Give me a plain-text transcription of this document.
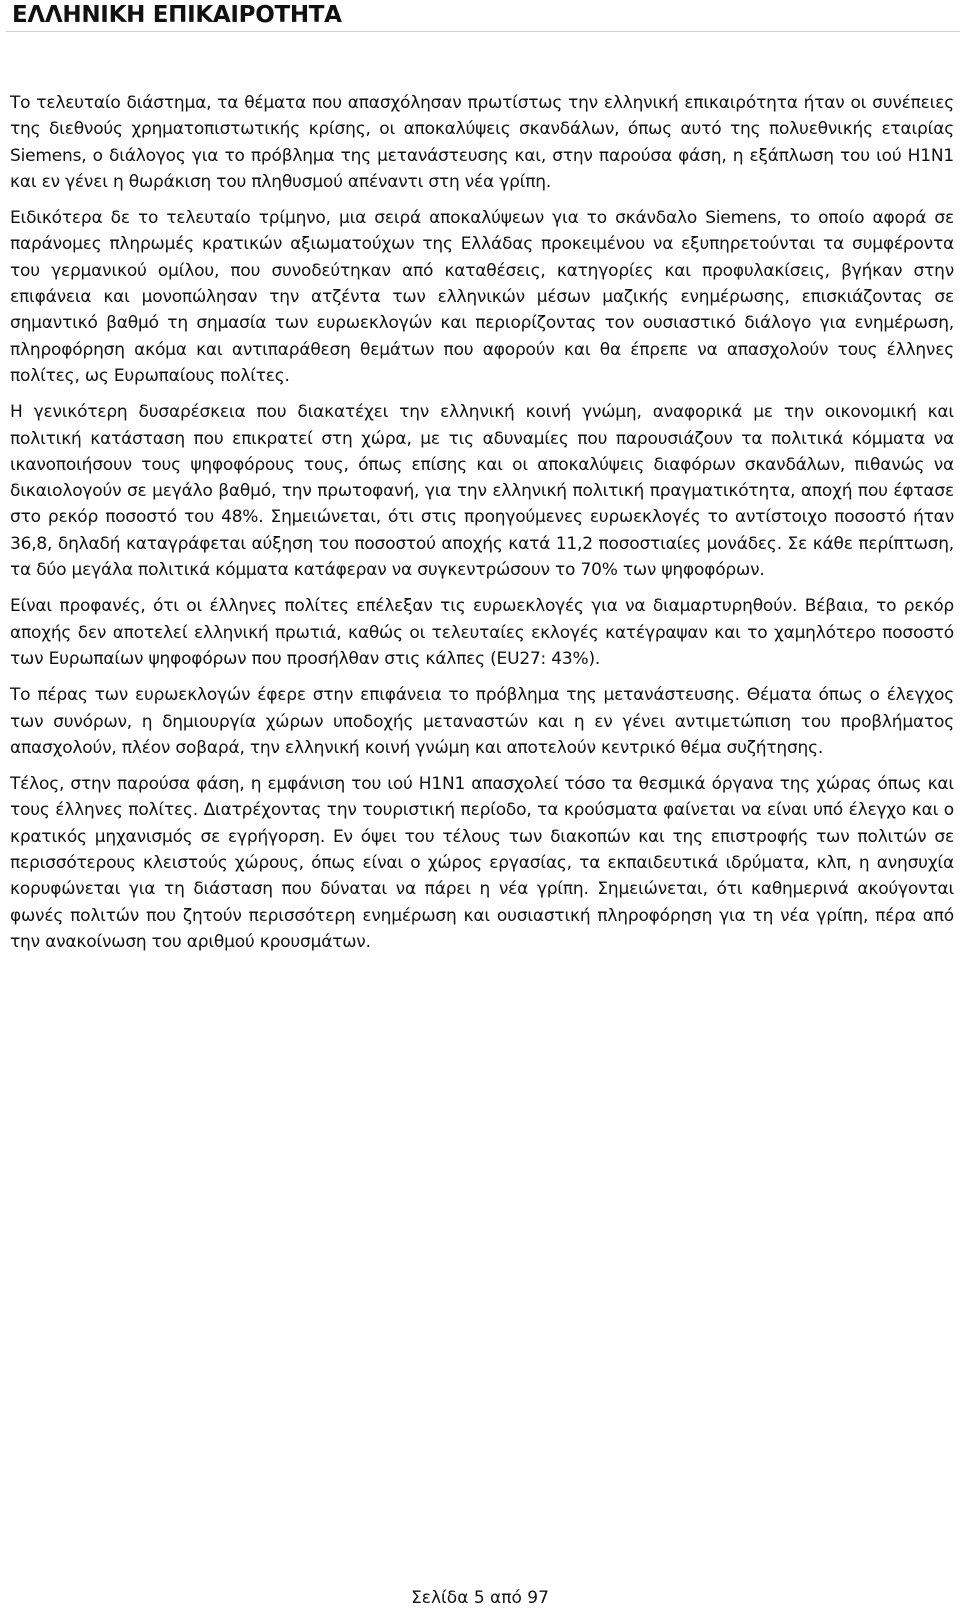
ΕΛΛΗΝΙΚΗ ΕΠΙΚΑΙΡΟΤΗΤΑ

Το τελευταίο διάστημα, τα θέματα που απασχόλησαν πρωτίστως την ελληνική επικαιρότητα ήταν οι συνέπειες της διεθνούς χρηματοπιστωτικής κρίσης, οι αποκαλύψεις σκανδάλων, όπως αυτό της πολυεθνικής εταιρίας Siemens, ο διάλογος για το πρόβλημα της μετανάστευσης και, στην παρούσα φάση, η εξάπλωση του ιού H1N1 και εν γένει η θωράκιση του πληθυσμού απέναντι στη νέα γρίπη.

Ειδικότερα δε το τελευταίο τρίμηνο, μια σειρά αποκαλύψεων για το σκάνδαλο Siemens, το οποίο αφορά σε παράνομες πληρωμές κρατικών αξιωματούχων της Ελλάδας προκειμένου να εξυπηρετούνται τα συμφέροντα του γερμανικού ομίλου, που συνοδεύτηκαν από καταθέσεις, κατηγορίες και προφυλακίσεις, βγήκαν στην επιφάνεια και μονοπώλησαν την ατζέντα των ελληνικών μέσων μαζικής ενημέρωσης, επισκιάζοντας σε σημαντικό βαθμό τη σημασία των ευρωεκλογών και περιορίζοντας τον ουσιαστικό διάλογο για ενημέρωση, πληροφόρηση ακόμα και αντιπαράθεση θεμάτων που αφορούν και θα έπρεπε να απασχολούν τους έλληνες πολίτες, ως Ευρωπαίους πολίτες.

Η γενικότερη δυσαρέσκεια που διακατέχει την ελληνική κοινή γνώμη, αναφορικά με την οικονομική και πολιτική κατάσταση που επικρατεί στη χώρα, με τις αδυναμίες που παρουσιάζουν τα πολιτικά κόμματα να ικανοποιήσουν τους ψηφοφόρους τους, όπως επίσης και οι αποκαλύψεις διαφόρων σκανδάλων, πιθανώς να δικαιολογούν σε μεγάλο βαθμό, την πρωτοφανή, για την ελληνική πολιτική πραγματικότητα, αποχή που έφτασε στο ρεκόρ ποσοστό του 48%. Σημειώνεται, ότι στις προηγούμενες ευρωεκλογές το αντίστοιχο ποσοστό ήταν 36,8, δηλαδή καταγράφεται αύξηση του ποσοστού αποχής κατά 11,2 ποσοστιαίες μονάδες. Σε κάθε περίπτωση, τα δύο μεγάλα πολιτικά κόμματα κατάφεραν να συγκεντρώσουν το 70% των ψηφοφόρων.

Είναι προφανές, ότι οι έλληνες πολίτες επέλεξαν τις ευρωεκλογές για να διαμαρτυρηθούν. Βέβαια, το ρεκόρ αποχής δεν αποτελεί ελληνική πρωτιά, καθώς οι τελευταίες εκλογές κατέγραψαν και το χαμηλότερο ποσοστό των Ευρωπαίων ψηφοφόρων που προσήλθαν στις κάλπες (EU27: 43%).

Το πέρας των ευρωεκλογών έφερε στην επιφάνεια το πρόβλημα της μετανάστευσης. Θέματα όπως ο έλεγχος των συνόρων, η δημιουργία χώρων υποδοχής μεταναστών και η εν γένει αντιμετώπιση του προβλήματος απασχολούν, πλέον σοβαρά, την ελληνική κοινή γνώμη και αποτελούν κεντρικό θέμα συζήτησης.

Τέλος, στην παρούσα φάση, η εμφάνιση του ιού H1N1 απασχολεί τόσο τα θεσμικά όργανα της χώρας όπως και τους έλληνες πολίτες. Διατρέχοντας την τουριστική περίοδο, τα κρούσματα φαίνεται να είναι υπό έλεγχο και ο κρατικός μηχανισμός σε εγρήγορση. Εν όψει του τέλους των διακοπών και της επιστροφής των πολιτών σε περισσότερους κλειστούς χώρους, όπως είναι ο χώρος εργασίας, τα εκπαιδευτικά ιδρύματα, κλπ, η ανησυχία κορυφώνεται για τη διάσταση που δύναται να πάρει η νέα γρίπη. Σημειώνεται, ότι καθημερινά ακούγονται φωνές πολιτών που ζητούν περισσότερη ενημέρωση και ουσιαστική πληροφόρηση για τη νέα γρίπη, πέρα από την ανακοίνωση του αριθμού κρουσμάτων.

Σελίδα 5 από 97
